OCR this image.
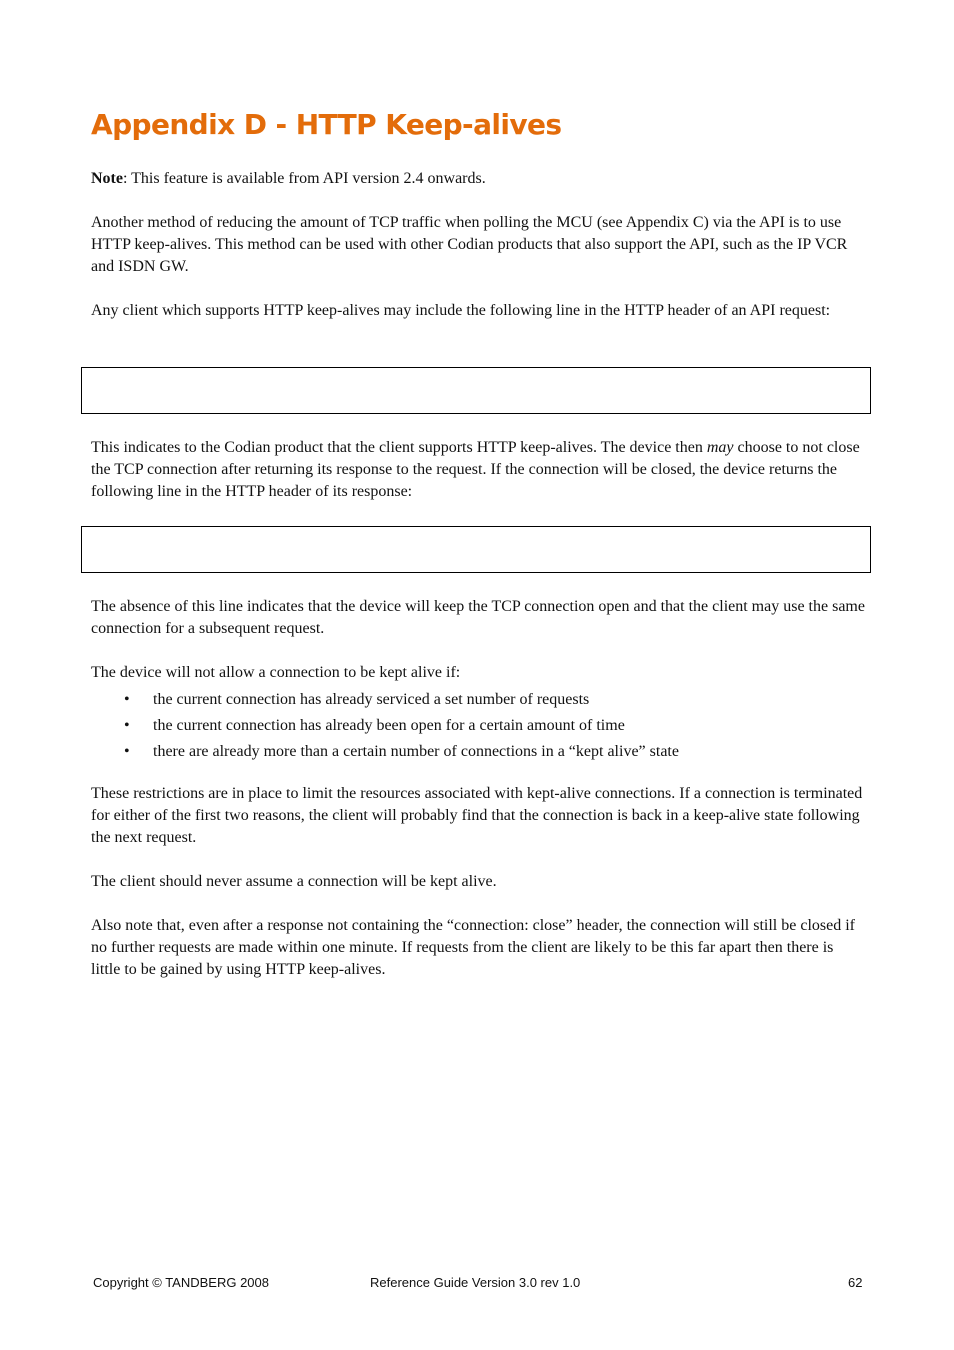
Appendix D - HTTP Keep-alives

Note: This feature is available from API version 2.4 onwards.

Another method of reducing the amount of TCP traffic when polling the MCU (see Appendix C) via the API is to use HTTP keep-alives. This method can be used with other Codian products that also support the API, such as the IP VCR and ISDN GW.

Any client which supports HTTP keep-alives may include the following line in the HTTP header of an API request:

This indicates to the Codian product that the client supports HTTP keep-alives. The device then may choose to not close the TCP connection after returning its response to the request. If the connection will be closed, the device returns the following line in the HTTP header of its response:

The absence of this line indicates that the device will keep the TCP connection open and that the client may use the same connection for a subsequent request.

The device will not allow a connection to be kept alive if:

• the current connection has already serviced a set number of requests
• the current connection has already been open for a certain amount of time
• there are already more than a certain number of connections in a “kept alive” state

These restrictions are in place to limit the resources associated with kept-alive connections. If a connection is terminated for either of the first two reasons, the client will probably find that the connection is back in a keep-alive state following the next request.

The client should never assume a connection will be kept alive.

Also note that, even after a response not containing the “connection: close” header, the connection will still be closed if no further requests are made within one minute. If requests from the client are likely to be this far apart then there is little to be gained by using HTTP keep-alives.

Copyright © TANDBERG 2008	Reference Guide Version 3.0 rev 1.0	62
